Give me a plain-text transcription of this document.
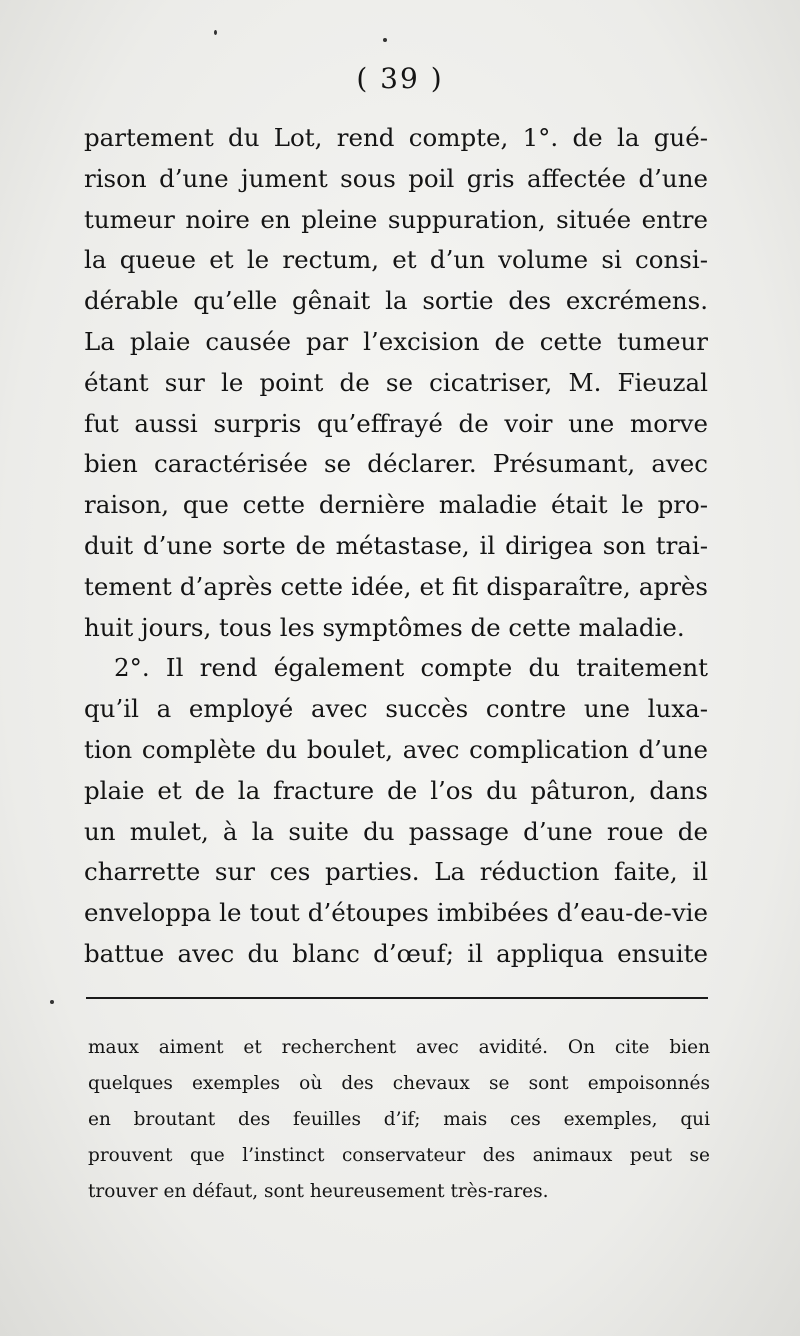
( 39 )
partement du Lot, rend compte, 1°. de la gué-
rison d’une jument sous poil gris affectée d’une
tumeur noire en pleine suppuration, située entre
la queue et le rectum, et d’un volume si consi-
dérable qu’elle gênait la sortie des excrémens.
La plaie causée par l’excision de cette tumeur
étant sur le point de se cicatriser, M. Fieuzal
fut aussi surpris qu’effrayé de voir une morve
bien caractérisée se déclarer. Présumant, avec
raison, que cette dernière maladie était le pro-
duit d’une sorte de métastase, il dirigea son trai-
tement d’après cette idée, et fit disparaître, après
huit jours, tous les symptômes de cette maladie.
2°. Il rend également compte du traitement
qu’il a employé avec succès contre une luxa-
tion complète du boulet, avec complication d’une
plaie et de la fracture de l’os du pâturon, dans
un mulet, à la suite du passage d’une roue de
charrette sur ces parties. La réduction faite, il
enveloppa le tout d’étoupes imbibées d’eau-de-vie
battue avec du blanc d’œuf; il appliqua ensuite
maux aiment et recherchent avec avidité. On cite bien
quelques exemples où des chevaux se sont empoisonnés
en broutant des feuilles d’if; mais ces exemples, qui
prouvent que l’instinct conservateur des animaux peut se
trouver en défaut, sont heureusement très-rares.
